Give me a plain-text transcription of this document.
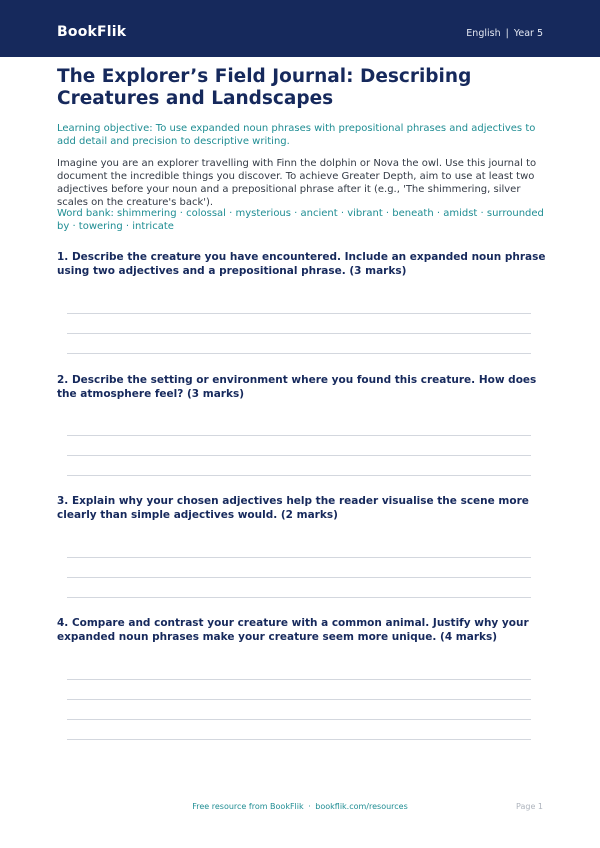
BookFlik	English | Year 5
The Explorer’s Field Journal: Describing Creatures and Landscapes
Learning objective: To use expanded noun phrases with prepositional phrases and adjectives to add detail and precision to descriptive writing.
Imagine you are an explorer travelling with Finn the dolphin or Nova the owl. Use this journal to document the incredible things you discover. To achieve Greater Depth, aim to use at least two adjectives before your noun and a prepositional phrase after it (e.g., 'The shimmering, silver scales on the creature's back').
Word bank: shimmering · colossal · mysterious · ancient · vibrant · beneath · amidst · surrounded by · towering · intricate
1. Describe the creature you have encountered. Include an expanded noun phrase using two adjectives and a prepositional phrase. (3 marks)
2. Describe the setting or environment where you found this creature. How does the atmosphere feel? (3 marks)
3. Explain why your chosen adjectives help the reader visualise the scene more clearly than simple adjectives would. (2 marks)
4. Compare and contrast your creature with a common animal. Justify why your expanded noun phrases make your creature seem more unique. (4 marks)
Free resource from BookFlik · bookflik.com/resources	Page 1
